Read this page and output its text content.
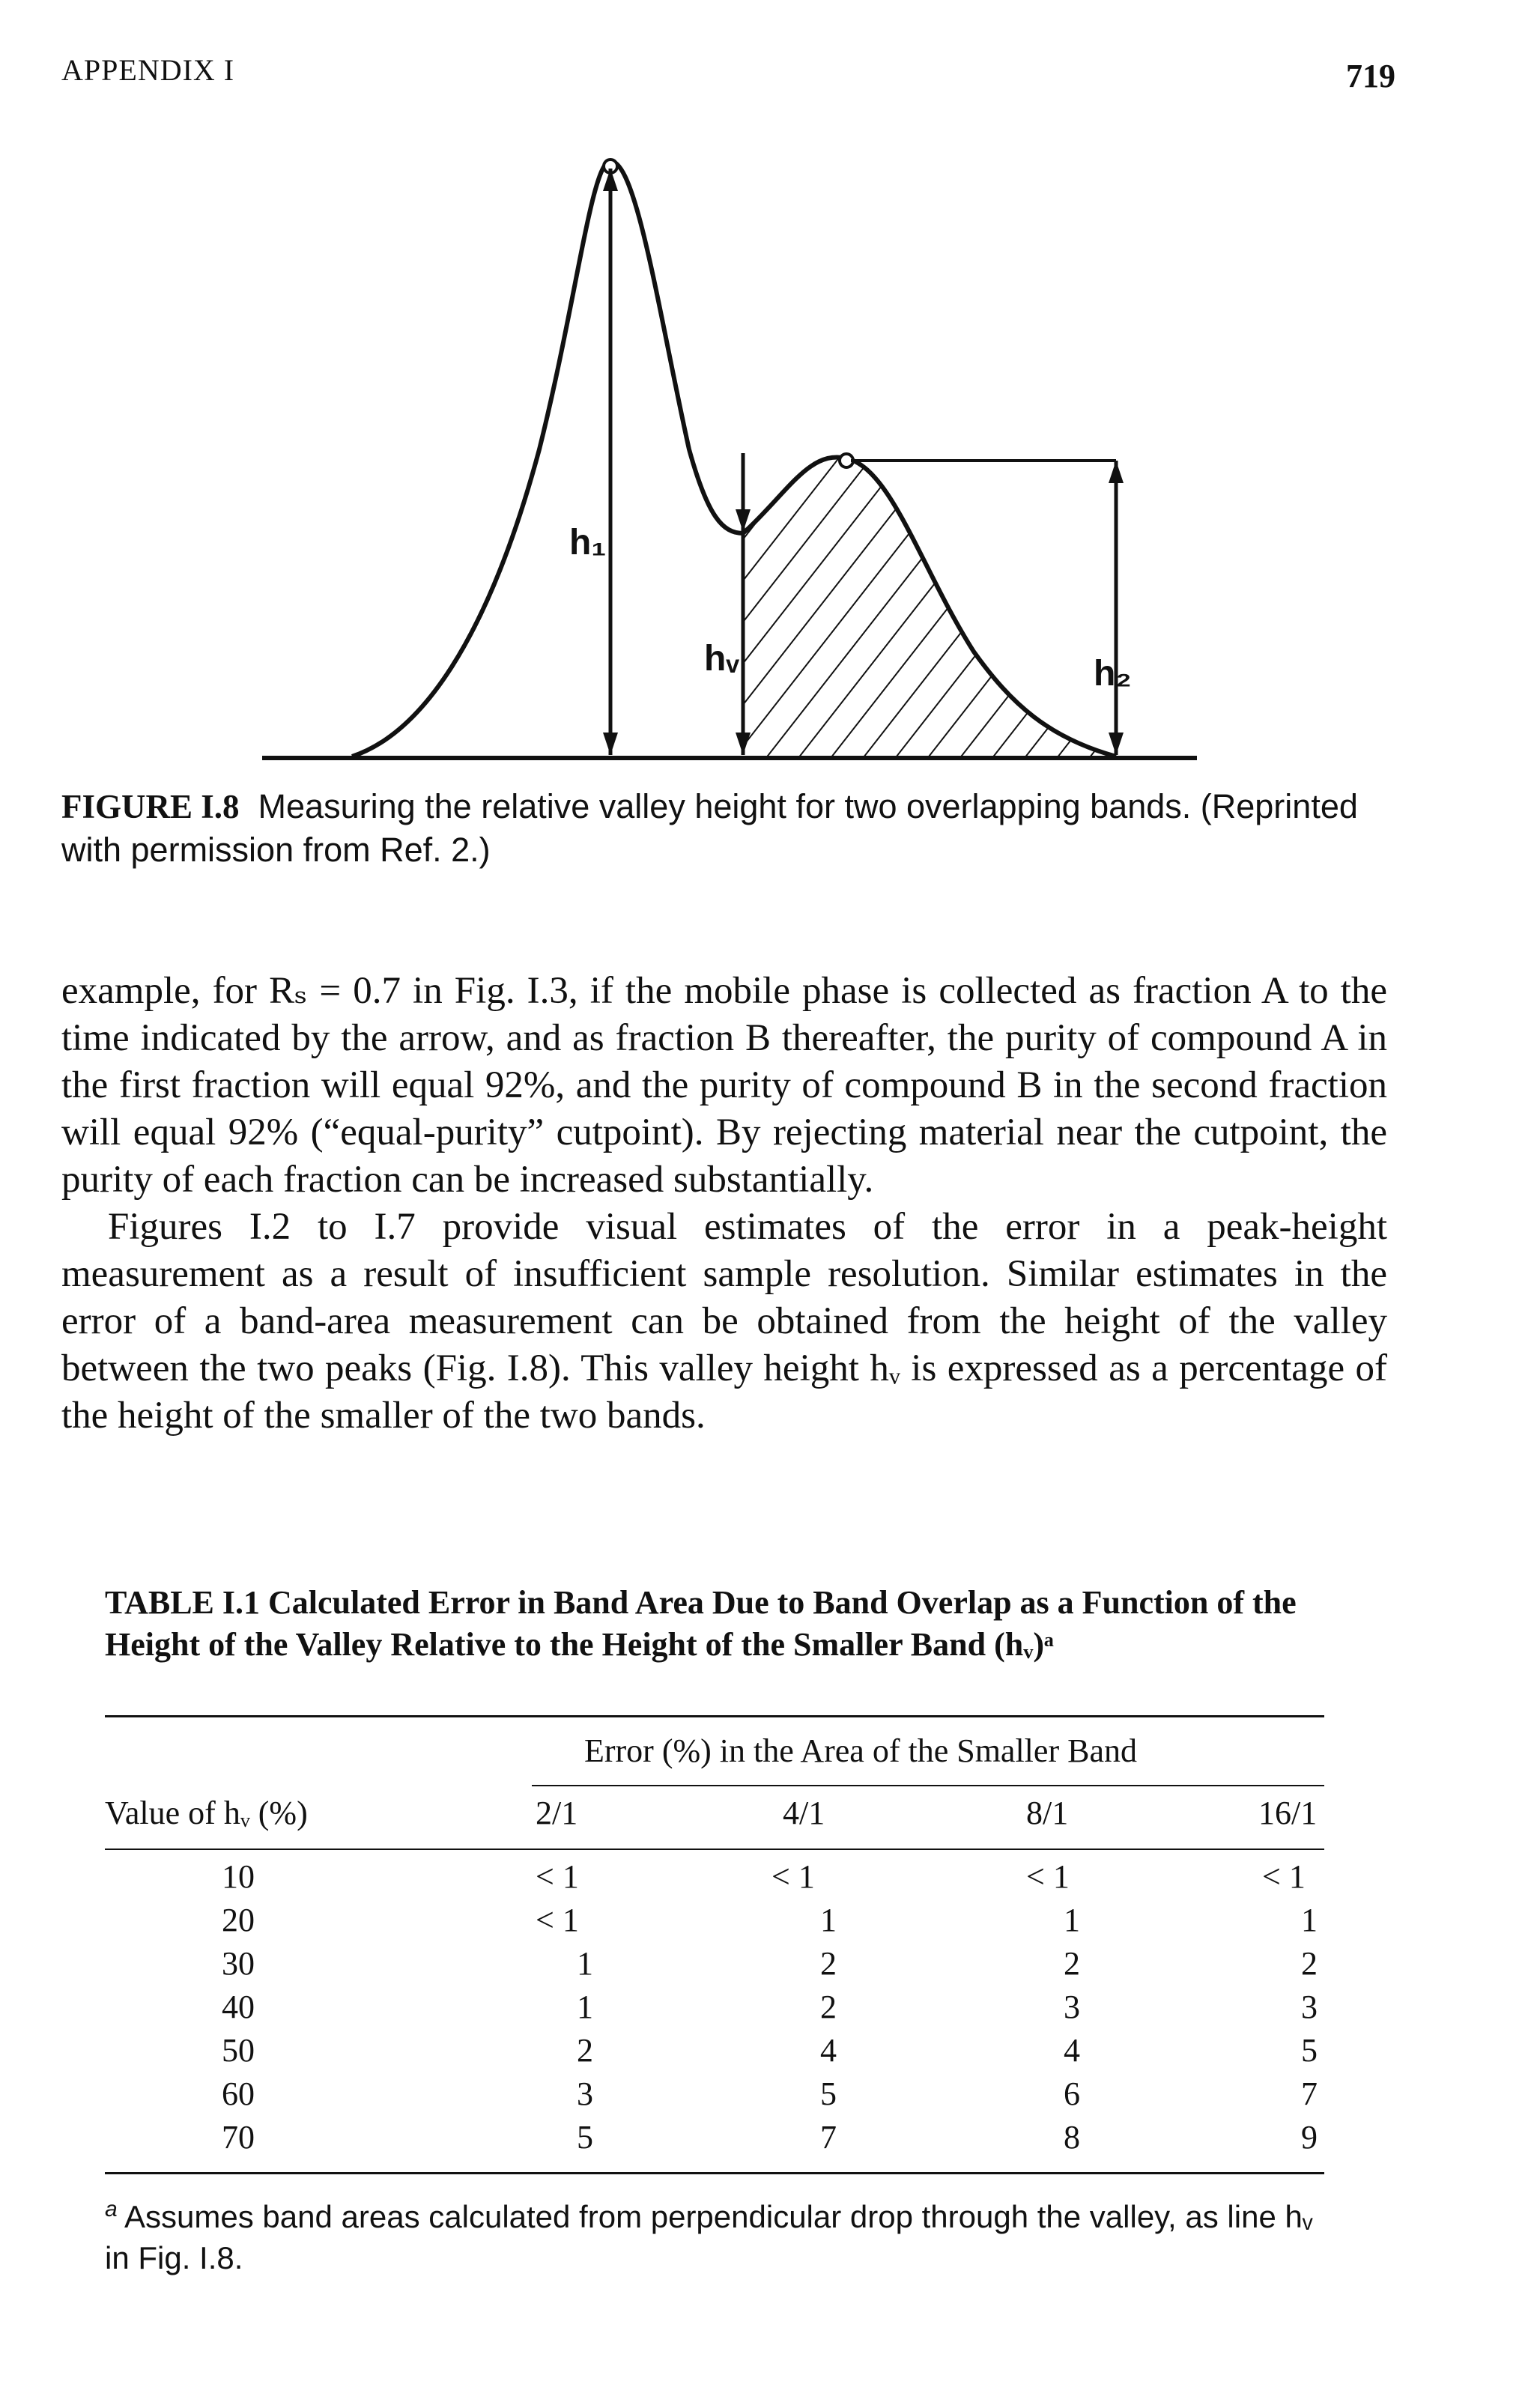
APPENDIX I	719
h₁
hᵥ	h₂
FIGURE I.8 Measuring the relative valley height for two overlapping bands. (Reprinted with permission from Ref. 2.)

example, for Rₛ = 0.7 in Fig. I.3, if the mobile phase is collected as fraction A to the time indicated by the arrow, and as fraction B thereafter, the purity of compound A in the first fraction will equal 92%, and the purity of compound B in the second fraction will equal 92% (“equal-purity” cutpoint). By rejecting material near the cutpoint, the purity of each fraction can be increased substantially.

Figures I.2 to I.7 provide visual estimates of the error in a peak-height measurement as a result of insufficient sample resolution. Similar estimates in the error of a band-area measurement can be obtained from the height of the valley between the two peaks (Fig. I.8). This valley height hᵥ is expressed as a percentage of the height of the smaller of the two bands.

TABLE I.1 Calculated Error in Band Area Due to Band Overlap as a Function of the Height of the Valley Relative to the Height of the Smaller Band (hᵥ)ᵃ
Error (%) in the Area of the Smaller Band
Value of hᵥ (%)	2/1	4/1	8/1	16/1
10	< 1	< 1	< 1	< 1
20	< 1	1	1	1
30	1	2	2	2
40	1	2	3	3
50	2	4	4	5
60	3	5	6	7
70	5	7	8	9
$^a$ Assumes band areas calculated from perpendicular drop through the valley, as line hᵥ in Fig. I.8.
